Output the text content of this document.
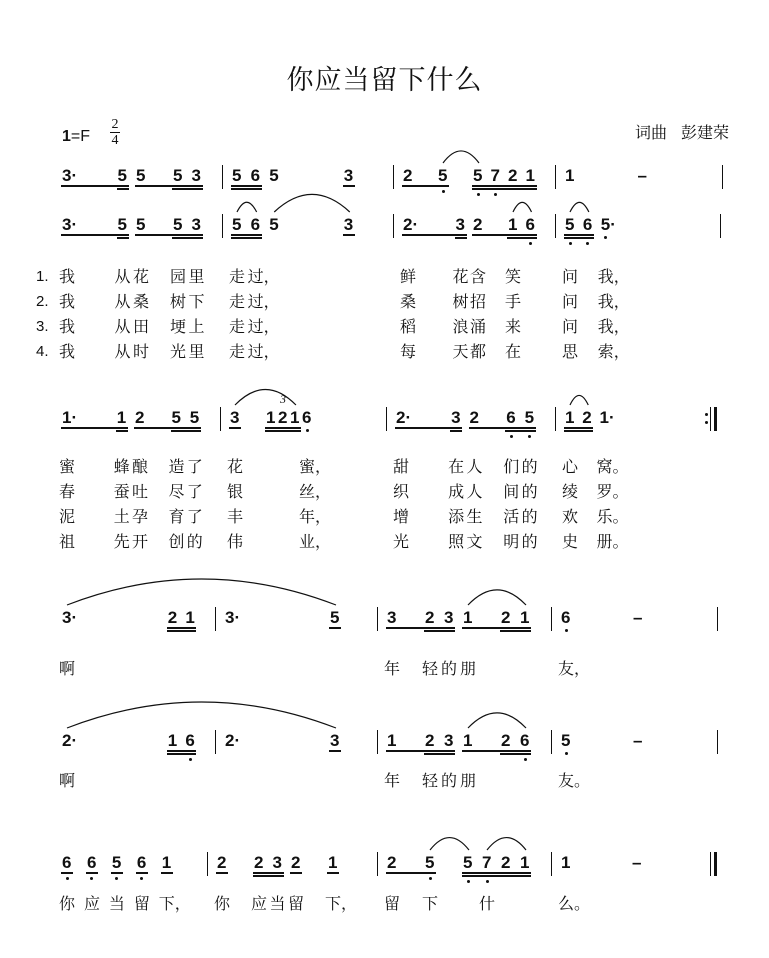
你应当留下什么
词曲 彭建荣
1=F
2
4
3· 5 5 5 3 5 6 5	3	2 5 5 7 2 1 1	–
3· 5 5 5 3 5 6 5	3	2· 3 2 1 6 5 6 5·
1. 我 从 花 园 里 走 过，	鲜 花 含 笑	问 我，
2. 我 从 桑 树 下 走 过，	桑 树 招 手	问 我，
3. 我 从 田 埂 上 走 过，	稻 浪 涌 来	问 我，
4. 我 从 时 光 里 走 过，	每 天 都 在	思 索，
1· 1 2 5 5 3 1 2 1 6	2· 3 2 6 5 1 2 1·
3
蜜 蜂 酿 造 了 花	蜜，	甜 在 人 们 的 心 窝。
春 蚕 吐 尽 了 银	丝，	织 成 人 间 的 绫 罗。
泥 土 孕 育 了 丰	年，	增 添 生 活 的 欢 乐。
祖 先 开 创 的 伟	业，	光 照 文 明 的 史 册。
3·	2 1 3·	5	3 2 3 1 2 1 6	–
啊	年 轻 的 朋	友，
2·	1 6 2·	3	1 2 3 1 2 6 5	–
啊	年 轻 的 朋	友。
6 6 5 6 1	2 2 3 2 1	2 5 5 7 2 1 1	–
你 应 当 留 下， 你 应 当 留 下， 留 下	什	么。
